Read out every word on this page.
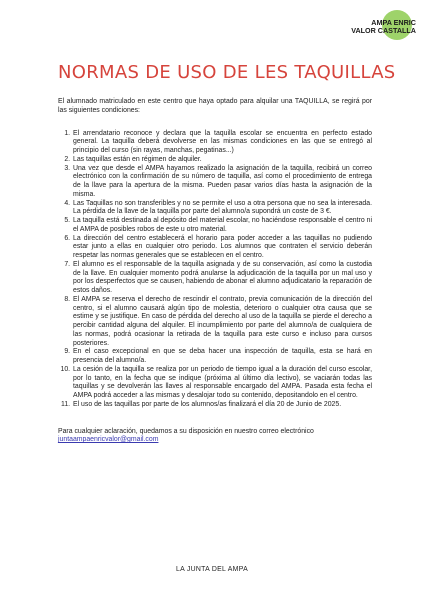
AMPA ENRIC
VALOR CASTALLA
NORMAS DE USO DE LES TAQUILLAS

El alumnado matriculado en este centro que haya optado para alquilar una TAQUILLA, se regirá por las siguientes condiciones:

1. El arrendatario reconoce y declara que la taquilla escolar se encuentra en perfecto estado general. La taquilla deberá devolverse en las mismas condiciones en las que se entregó al principio del curso (sin rayas, manchas, pegatinas...)
2. Las taquillas están en régimen de alquiler.
3. Una vez que desde el AMPA hayamos realizado la asignación de la taquilla, recibirá un correo electrónico con la confirmación de su número de taquilla, así como el procedimiento de entrega de la llave para la apertura de la misma. Pueden pasar varios días hasta la asignación de la misma.
4. Las Taquillas no son transferibles y no se permite el uso a otra persona que no sea la interesada. La pérdida de la llave de la taquilla por parte del alumno/a supondrá un coste de 3 €.
5. La taquilla está destinada al depósito del material escolar, no haciéndose responsable el centro ni el AMPA de posibles robos de este u otro material.
6. La dirección del centro establecerá el horario para poder acceder a las taquillas no pudiendo estar junto a ellas en cualquier otro periodo. Los alumnos que contraten el servicio deberán respetar las normas generales que se establecen en el centro.
7. El alumno es el responsable de la taquilla asignada y de su conservación, así como la custodia de la llave. En cualquier momento podrá anularse la adjudicación de la taquilla por un mal uso y por los desperfectos que se causen, habiendo de abonar el alumno adjudicatario la reparación de estos daños.
8. El AMPA se reserva el derecho de rescindir el contrato, previa comunicación de la dirección del centro, si el alumno causará algún tipo de molestia, deterioro o cualquier otra causa que se estime y se justifique. En caso de pérdida del derecho al uso de la taquilla se pierde el derecho a percibir cantidad alguna del alquiler. El incumplimiento por parte del alumno/a de cualquiera de las normas, podrá ocasionar la retirada de la taquilla para este curso e incluso para cursos posteriores.
9. En el caso excepcional en que se deba hacer una inspección de taquilla, esta se hará en presencia del alumno/a.
10. La cesión de la taquilla se realiza por un periodo de tiempo igual a la duración del curso escolar, por lo tanto, en la fecha que se indique (próxima al último día lectivo), se vaciarán todas las taquillas y se devolverán las llaves al responsable encargado del AMPA. Pasada esta fecha el AMPA podrá acceder a las mismas y desalojar todo su contenido, depositandolo en el centro.
11. El uso de las taquillas por parte de los alumnos/as finalizará el día 20 de Junio de 2025.
Para cualquier aclaración, quedamos a su disposición en nuestro correo electrónico
juntaampaenricvalor@gmail.com
LA JUNTA DEL AMPA
